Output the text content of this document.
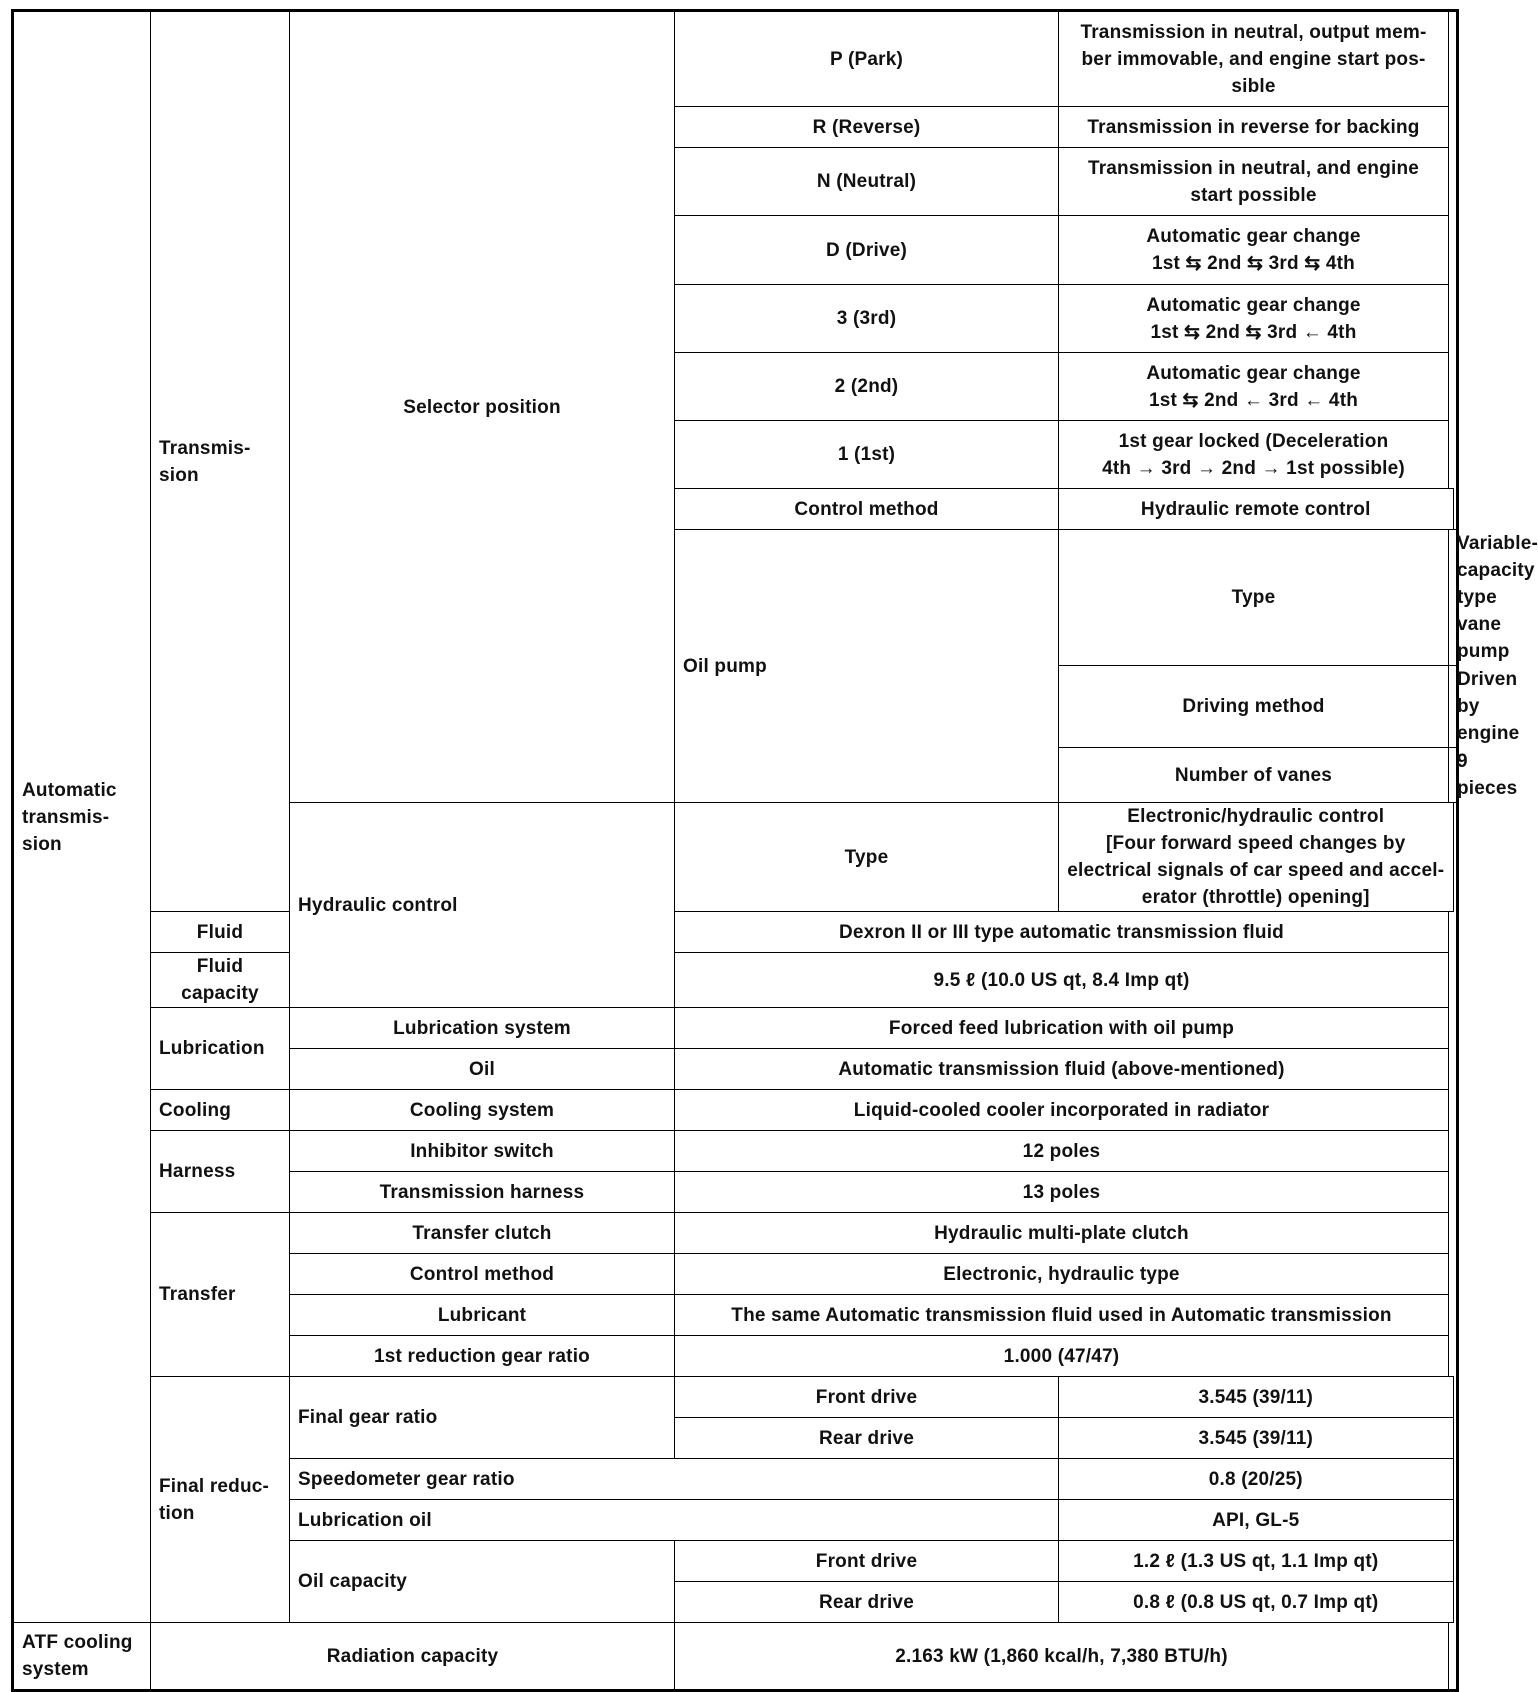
Automatic transmis-sion	Transmis-sion	Selector position	P (Park)	Transmission in neutral, output mem-ber immovable, and engine start pos-sible	
			R (Reverse)	Transmission in reverse for backing	
			N (Neutral)	Transmission in neutral, and engine start possible	
			D (Drive)	Automatic gear change
1st ⇆ 2nd ⇆ 3rd ⇆ 4th	

			3 (3rd)	Automatic gear change
1st ⇆ 2nd ⇆ 3rd ← 4th	

			2 (2nd)	Automatic gear change
1st ⇆ 2nd ← 3rd ← 4th	

			1 (1st)	1st gear locked (Deceleration
4th → 3rd → 2nd → 1st possible)	

			Control method	Hydraulic remote control	
			Oil pump	Type	Variable-capacity type vane pump
				Driving method	Driven by engine
				Number of vanes	9 pieces
		Hydraulic control	Type	Electronic/hydraulic control
[Four forward speed changes by electrical signals of car speed and accel-erator (throttle) opening]	

	Fluid		Dexron II or III type automatic transmission fluid		
	Fluid capacity		9.5 ℓ (10.0 US qt, 8.4 Imp qt)		
	Lubrication	Lubrication system	Forced feed lubrication with oil pump		
		Oil	Automatic transmission fluid (above-mentioned)		
	Cooling	Cooling system	Liquid-cooled cooler incorporated in radiator		
	Harness	Inhibitor switch	12 poles		
		Transmission harness	13 poles		
	Transfer	Transfer clutch	Hydraulic multi-plate clutch		
		Control method	Electronic, hydraulic type		
		Lubricant	The same Automatic transmission fluid used in Automatic transmission		
		1st reduction gear ratio	1.000 (47/47)		
	Final reduc-tion	Final gear ratio	Front drive	3.545 (39/11)	
			Rear drive	3.545 (39/11)	
		Speedometer gear ratio		0.8 (20/25)	
		Lubrication oil		API, GL-5	
		Oil capacity	Front drive	1.2 ℓ (1.3 US qt, 1.1 Imp qt)	
			Rear drive	0.8 ℓ (0.8 US qt, 0.7 Imp qt)	
ATF cooling system	Radiation capacity		2.163 kW (1,860 kcal/h, 7,380 BTU/h)		
